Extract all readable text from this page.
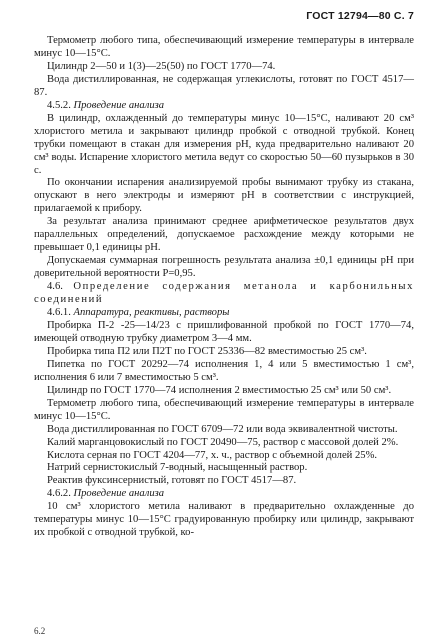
ГОСТ 12794—80 С. 7

Термометр любого типа, обеспечивающий измерение температуры в интервале минус 10—15°С.

Цилиндр 2—50 и 1(3)—25(50) по ГОСТ 1770—74.

Вода дистиллированная, не содержащая углекислоты, готовят по ГОСТ 4517—87.

4.5.2. Проведение анализа

В цилиндр, охлажденный до температуры минус 10—15°С, наливают 20 см³ хлористого метила и закрывают цилиндр пробкой с отводной трубкой. Конец трубки помещают в стакан для измерения рН, куда предварительно наливают 20 см³ воды. Испарение хлористого метила ведут со скоростью 50—60 пузырьков в 30 с.

По окончании испарения анализируемой пробы вынимают трубку из стакана, опускают в него электроды и измеряют рН в соответствии с инструкцией, прилагаемой к прибору.

За результат анализа принимают среднее арифметическое результатов двух параллельных определений, допускаемое расхождение между которыми не превышает 0,1 единицы рН.

Допускаемая суммарная погрешность результата анализа ±0,1 единицы рН при доверительной вероятности Р=0,95.

4.6. Определение содержания метанола и карбонильных соединений

4.6.1. Аппаратура, реактивы, растворы

Пробирка П-2 -25—14/23 с пришлифованной пробкой по ГОСТ 1770—74, имеющей отводную трубку диаметром 3—4 мм.

Пробирка типа П2 или П2Т по ГОСТ 25336—82 вместимостью 25 см³.

Пипетка по ГОСТ 20292—74 исполнения 1, 4 или 5 вместимостью 1 см³, исполнения 6 или 7 вместимостью 5 см³.

Цилиндр по ГОСТ 1770—74 исполнения 2 вместимостью 25 см³ или 50 см³.

Термометр любого типа, обеспечивающий измерение температуры в интервале минус 10—15°С.

Вода дистиллированная по ГОСТ 6709—72 или вода эквивалентной чистоты.

Калий марганцовокислый по ГОСТ 20490—75, раствор с массовой долей 2%.

Кислота серная по ГОСТ 4204—77, х. ч., раствор с объемной долей 25%.

Натрий сернистокислый 7-водный, насыщенный раствор.

Реактив фуксинсернистый, готовят по ГОСТ 4517—87.

4.6.2. Проведение анализа

10 см³ хлористого метила наливают в предварительно охлажденные до температуры минус 10—15°С градуированную пробирку или цилиндр, закрывают их пробкой с отводной трубкой, ко-

6.2
